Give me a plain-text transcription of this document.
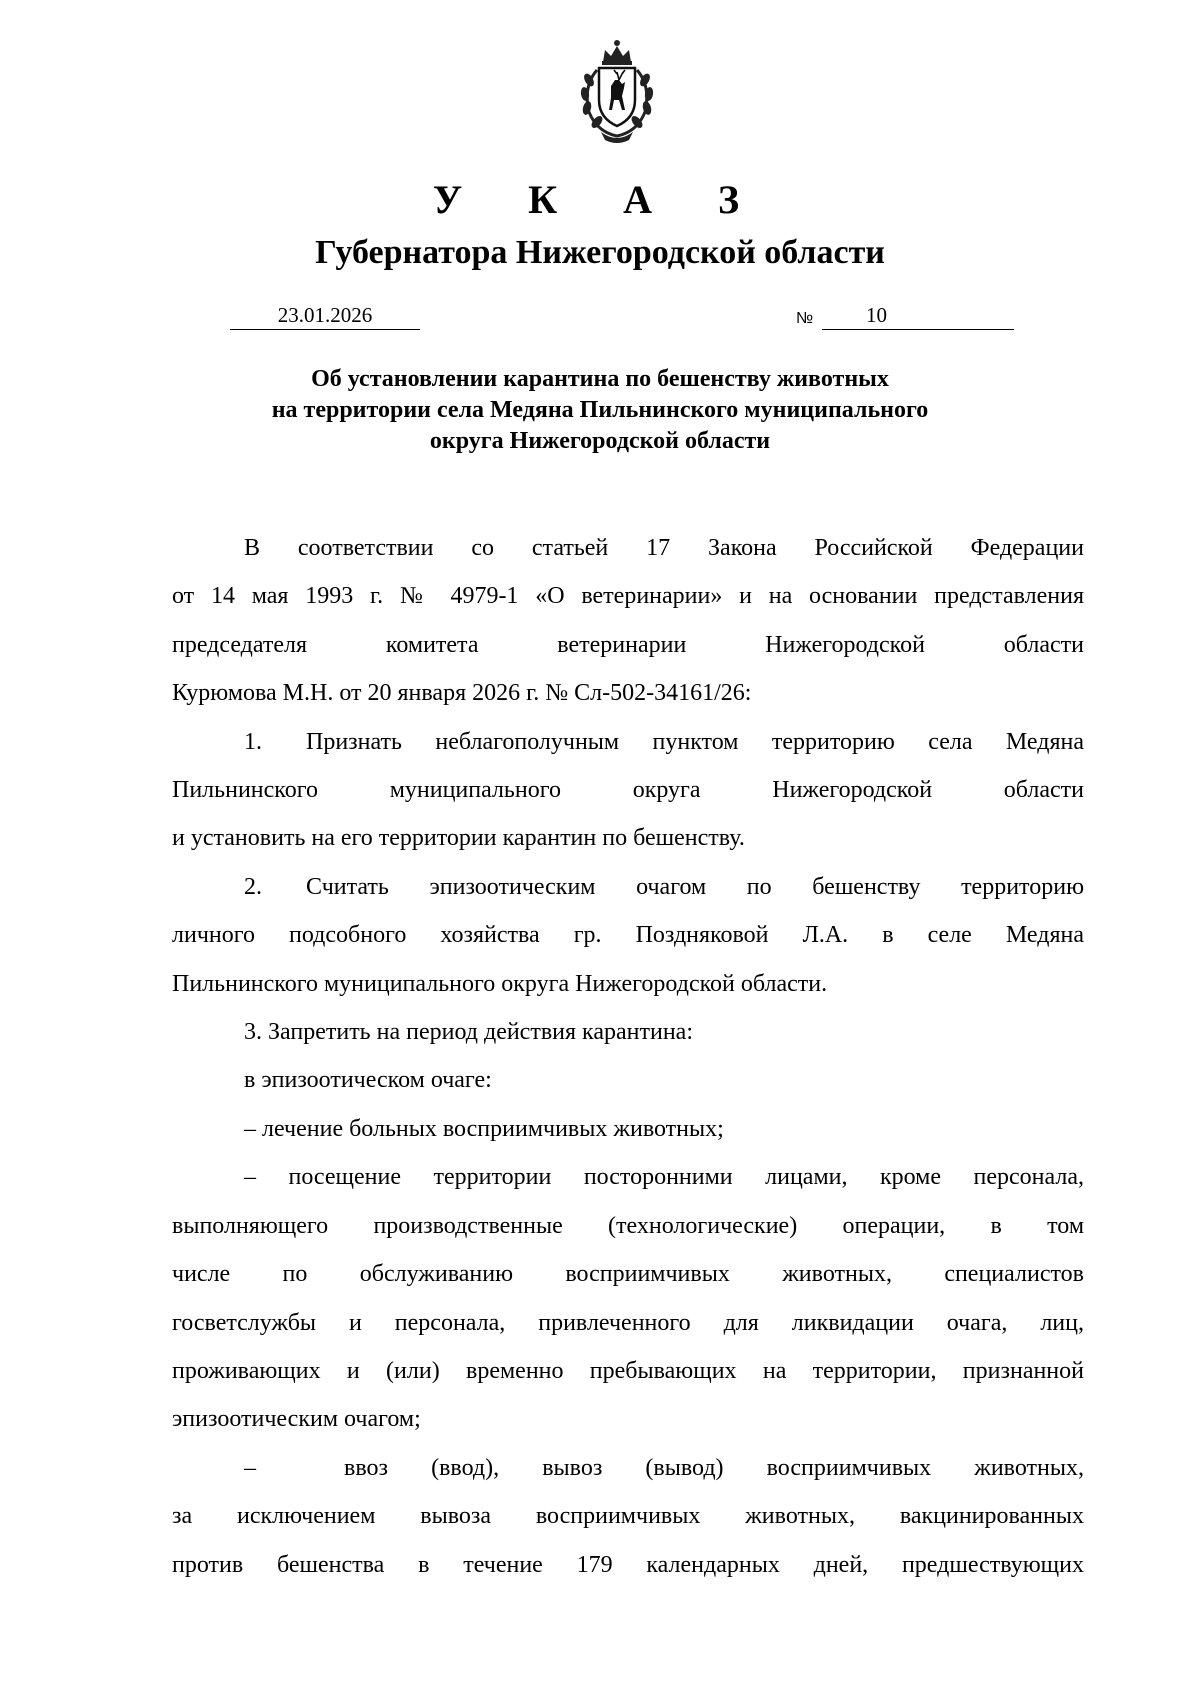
У К А З
Губернатора Нижегородской области
23.01.2026	№	10
Об установлении карантина по бешенству животных
на территории села Медяна Пильнинского муниципального
округа Нижегородской области

В соответствии со статьей 17 Закона Российской Федерации

от 14 мая 1993 г. № 4979-1 «О ветеринарии» и на основании представления

председателя комитета ветеринарии Нижегородской области

Курюмова М.Н. от 20 января 2026 г. № Сл-502-34161/26:

1.	Признать неблагополучным пунктом территорию села Медяна

Пильнинского муниципального округа Нижегородской области

и установить на его территории карантин по бешенству.

2.	Считать эпизоотическим очагом по бешенству территорию

личного подсобного хозяйства гр. Поздняковой Л.А. в селе Медяна

Пильнинского муниципального округа Нижегородской области.

3. Запретить на период действия карантина:

в эпизоотическом очаге:

– лечение больных восприимчивых животных;

– посещение территории посторонними лицами, кроме персонала,

выполняющего производственные (технологические) операции, в том

числе по обслуживанию восприимчивых животных, специалистов

госветслужбы и персонала, привлеченного для ликвидации очага, лиц,

проживающих и (или) временно пребывающих на территории, признанной

эпизоотическим очагом;

–	ввоз (ввод), вывоз (вывод) восприимчивых животных,

за исключением вывоза восприимчивых животных, вакцинированных

против бешенства в течение 179 календарных дней, предшествующих
